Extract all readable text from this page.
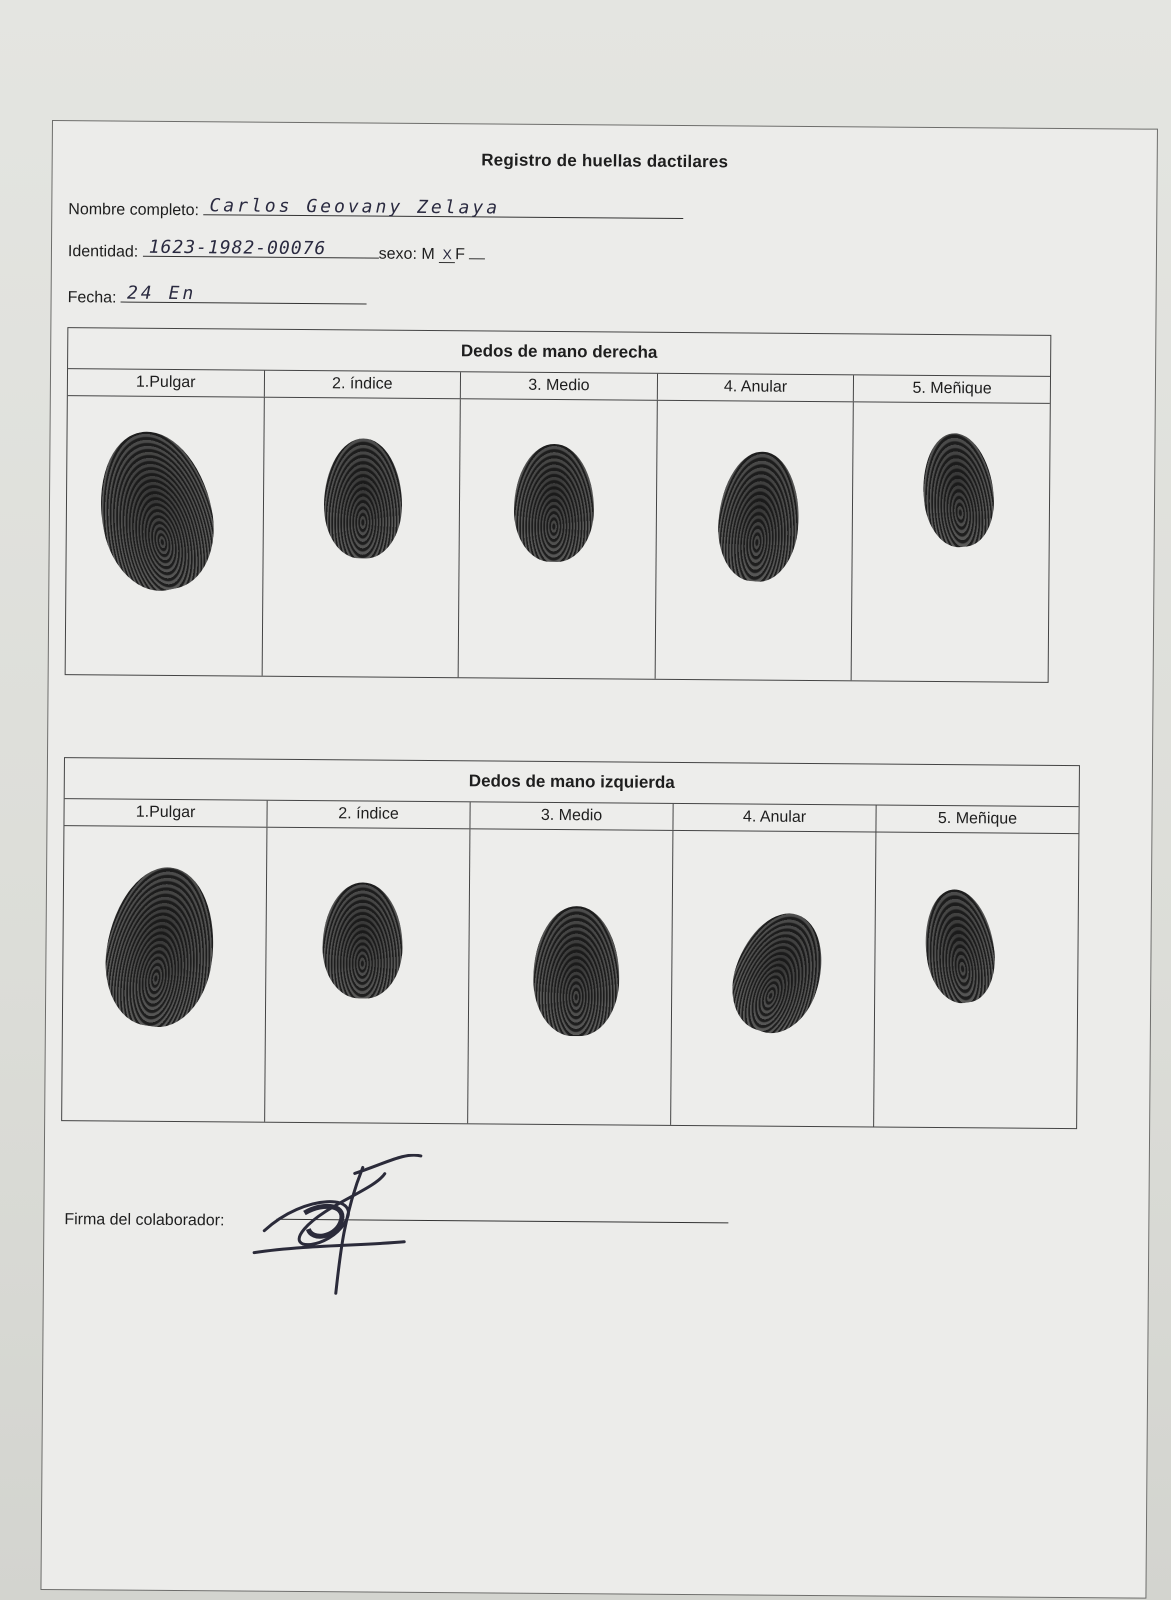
Registro de huellas dactilares
Nombre completo: Carlos Geovany Zelaya
Identidad: 1623-1982-00076	sexo: M X F
Fecha: 24 En
Dedos de mano derecha
1.Pulgar	2. índice	3. Medio	4. Anular	5. Meñique
Dedos de mano izquierda
1.Pulgar	2. índice	3. Medio	4. Anular	5. Meñique
Firma del colaborador:
